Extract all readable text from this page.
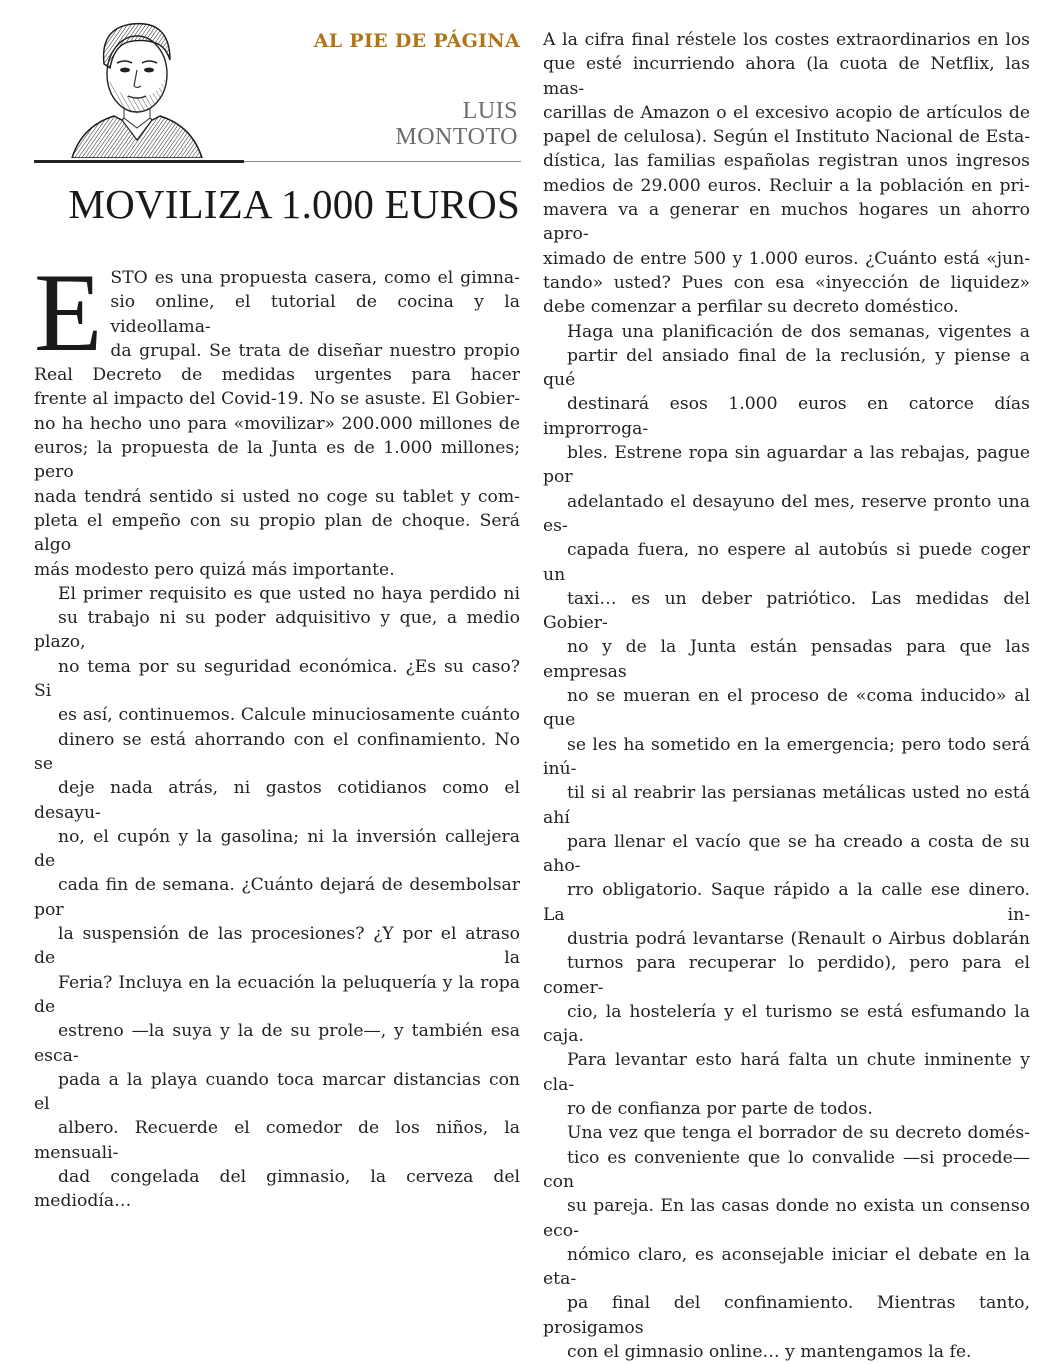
AL PIE DE PÁGINA
LUIS
MONTOTO
MOVILIZA 1.000 EUROS

E STO es una propuesta casera, como el gimna-
sio online, el tutorial de cocina y la videollama-
da grupal. Se trata de diseñar nuestro propio
Real Decreto de medidas urgentes para hacer
frente al impacto del Covid-19. No se asuste. El Gobier-
no ha hecho uno para «movilizar» 200.000 millones de
euros; la propuesta de la Junta es de 1.000 millones; pero
nada tendrá sentido si usted no coge su tablet y com-
pleta el empeño con su propio plan de choque. Será algo
más modesto pero quizá más importante.

El primer requisito es que usted no haya perdido ni
su trabajo ni su poder adquisitivo y que, a medio plazo,
no tema por su seguridad económica. ¿Es su caso? Si
es así, continuemos. Calcule minuciosamente cuánto
dinero se está ahorrando con el confinamiento. No se
deje nada atrás, ni gastos cotidianos como el desayu-
no, el cupón y la gasolina; ni la inversión callejera de
cada fin de semana. ¿Cuánto dejará de desembolsar por
la suspensión de las procesiones? ¿Y por el atraso de la
Feria? Incluya en la ecuación la peluquería y la ropa de
estreno —la suya y la de su prole—, y también esa esca-
pada a la playa cuando toca marcar distancias con el
albero. Recuerde el comedor de los niños, la mensuali-
dad congelada del gimnasio, la cerveza del mediodía…

A la cifra final réstele los costes extraordinarios en los
que esté incurriendo ahora (la cuota de Netflix, las mas-
carillas de Amazon o el excesivo acopio de artículos de
papel de celulosa). Según el Instituto Nacional de Esta-
dística, las familias españolas registran unos ingresos
medios de 29.000 euros. Recluir a la población en pri-
mavera va a generar en muchos hogares un ahorro apro-
ximado de entre 500 y 1.000 euros. ¿Cuánto está «jun-
tando» usted? Pues con esa «inyección de liquidez»
debe comenzar a perfilar su decreto doméstico.

Haga una planificación de dos semanas, vigentes a
partir del ansiado final de la reclusión, y piense a qué
destinará esos 1.000 euros en catorce días improrroga-
bles. Estrene ropa sin aguardar a las rebajas, pague por
adelantado el desayuno del mes, reserve pronto una es-
capada fuera, no espere al autobús si puede coger un
taxi… es un deber patriótico. Las medidas del Gobier-
no y de la Junta están pensadas para que las empresas
no se mueran en el proceso de «coma inducido» al que
se les ha sometido en la emergencia; pero todo será inú-
til si al reabrir las persianas metálicas usted no está ahí
para llenar el vacío que se ha creado a costa de su aho-
rro obligatorio. Saque rápido a la calle ese dinero. La in-
dustria podrá levantarse (Renault o Airbus doblarán
turnos para recuperar lo perdido), pero para el comer-
cio, la hostelería y el turismo se está esfumando la caja.
Para levantar esto hará falta un chute inminente y cla-
ro de confianza por parte de todos.

Una vez que tenga el borrador de su decreto domés-
tico es conveniente que lo convalide —si procede— con
su pareja. En las casas donde no exista un consenso eco-
nómico claro, es aconsejable iniciar el debate en la eta-
pa final del confinamiento. Mientras tanto, prosigamos
con el gimnasio online… y mantengamos la fe.
